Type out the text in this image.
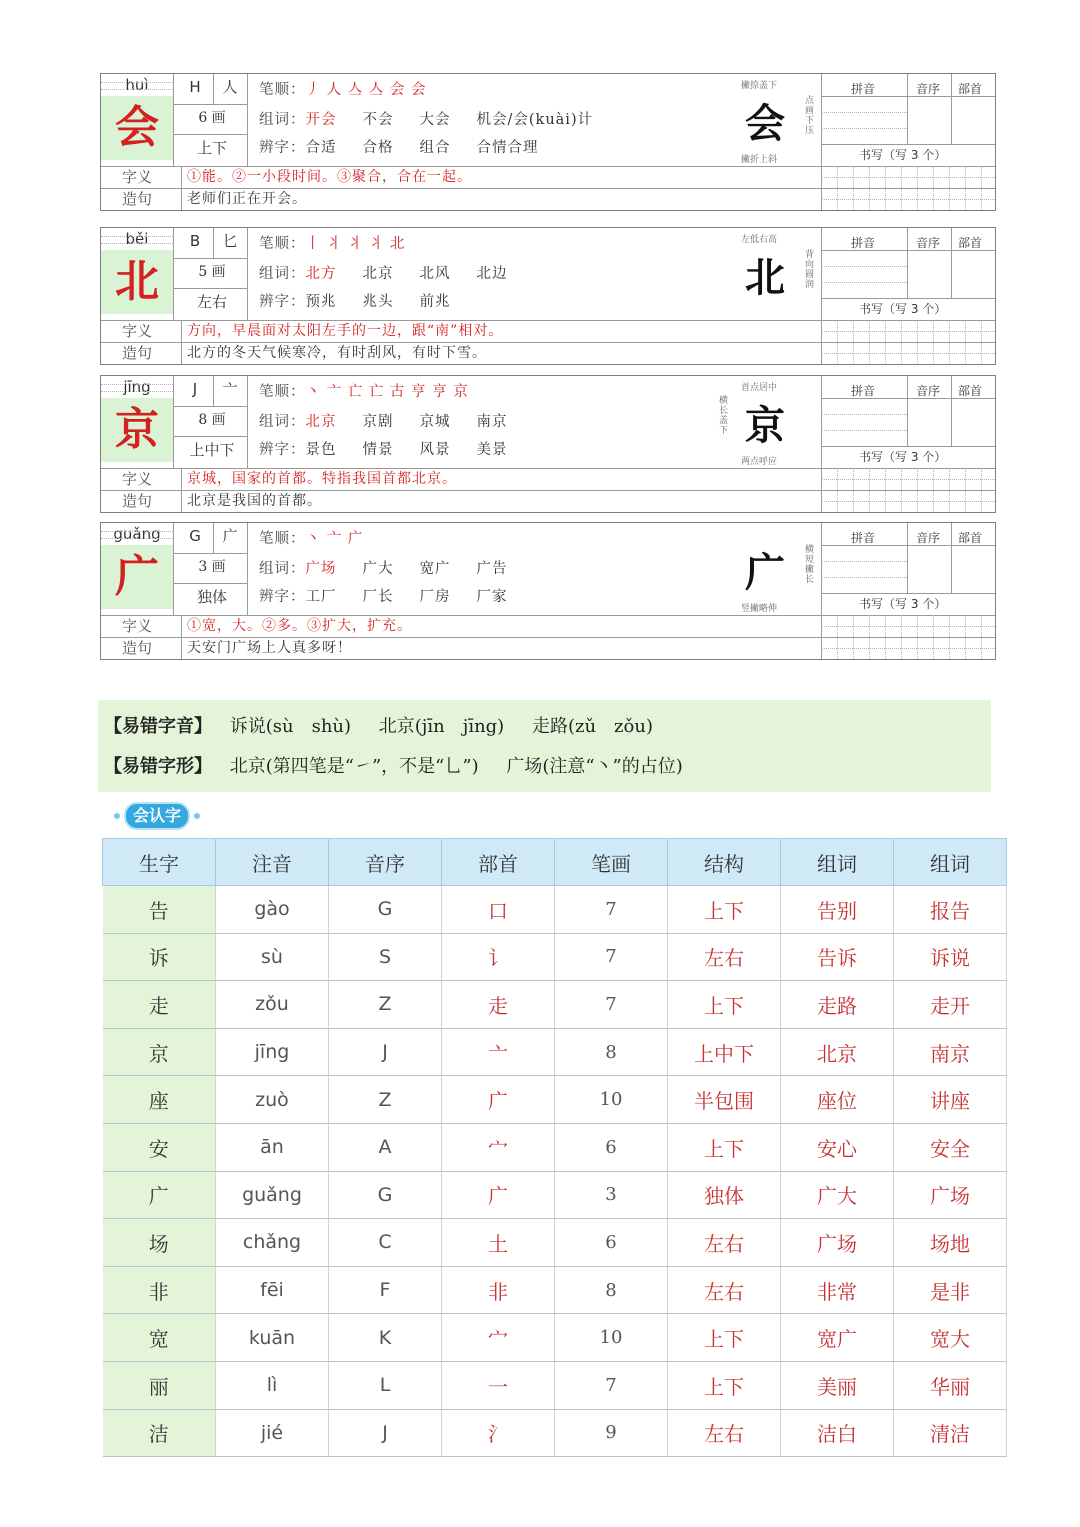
huì
会
H	人
6 画
上下
笔顺：丿 人 亼 亼 会 会
组词：开会 不会 大会 机会/会(kuài)计
辨字：合适 合格 组合 合情合理
会
撇捺盖下
点画下压
撇折上斜
拼音	音序 部首
书写（写 3 个）
字义	①能。②一小段时间。③聚合，合在一起。
造句	老师们正在开会。
běi
北
B	匕
5 画
左右
笔顺：丨 丬 丬 丬 北
组词：北方 北京 北风 北边
辨字：预兆 兆头 前兆
北
左低右高
背向圆润
拼音	音序 部首
书写（写 3 个）
字义	方向，早晨面对太阳左手的一边，跟“南”相对。
造句	北方的冬天气候寒冷，有时刮风，有时下雪。
jīng
京
J	亠
8 画
上中下
笔顺：丶 亠 亡 亡 古 亨 亨 京
组词：北京 京剧 京城 南京
辨字：景色 情景 风景 美景
京
首点居中
横长盖下
两点呼应
拼音	音序 部首
书写（写 3 个）
字义	京城，国家的首都。特指我国首都北京。
造句	北京是我国的首都。
guǎng
广
G	广
3 画
独体
笔顺：丶 亠 广
组词：广场 广大 宽广 广告
辨字：工厂 厂长 厂房 厂家
广 横短撇长
竖撇略伸
拼音	音序 部首
书写（写 3 个）
字义	①宽，大。②多。③扩大，扩充。
造句	天安门广场上人真多呀！
【易错字音】 诉说(sù　shù) 北京(jīn　jīng) 走路(zǔ　zǒu)
【易错字形】 北京(第四笔是“㇀”，不是“乚”) 广场(注意“丶”的占位)
会认字
生字	注音	音序	部首	笔画	结构	组词	组词
告	gào	G	口	7	上下	告别	报告
诉	sù	S	讠	7	左右	告诉	诉说
走	zǒu	Z	走	7	上下	走路	走开
京	jīng	J	亠	8	上中下	北京	南京
座	zuò	Z	广	10	半包围	座位	讲座
安	ān	A	宀	6	上下	安心	安全
广	guǎng	G	广	3	独体	广大	广场
场	chǎng	C	土	6	左右	广场	场地
非	fēi	F	非	8	左右	非常	是非
宽	kuān	K	宀	10	上下	宽广	宽大
丽	lì	L	一	7	上下	美丽	华丽
洁	jié	J	氵	9	左右	洁白	清洁
